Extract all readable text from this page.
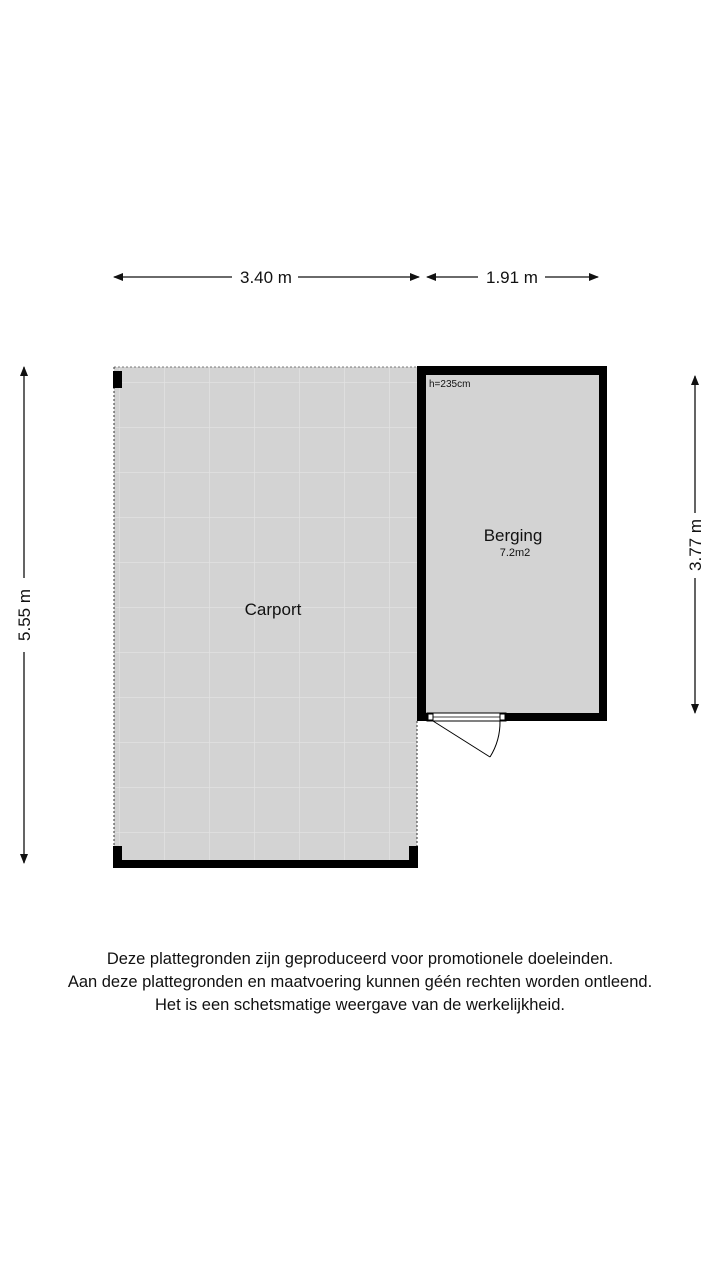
3.40 m	1.91 m
5.55 m
3.77 m
Carport
Berging
7.2m2
h=235cm
Deze plattegronden zijn geproduceerd voor promotionele doeleinden.
Aan deze plattegronden en maatvoering kunnen géén rechten worden ontleend.
Het is een schetsmatige weergave van de werkelijkheid.
